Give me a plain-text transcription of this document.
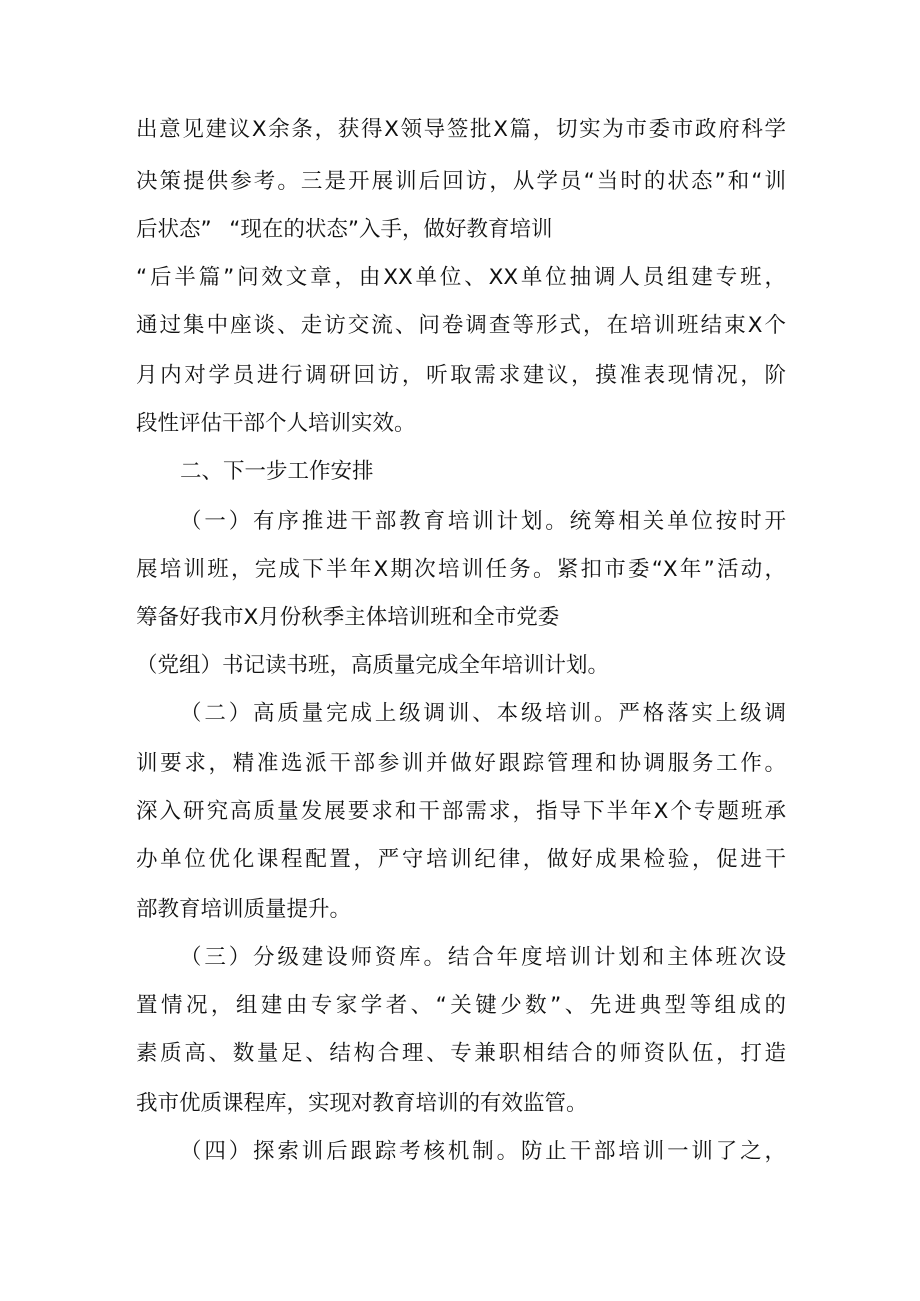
出意见建议X余条，获得X领导签批X篇，切实为市委市政府科学
决策提供参考。三是开展训后回访，从学员“当时的状态”和“训
后状态” “现在的状态”入手，做好教育培训
“后半篇”问效文章，由XX单位、XX单位抽调人员组建专班，
通过集中座谈、走访交流、问卷调查等形式，在培训班结束X个
月内对学员进行调研回访，听取需求建议，摸准表现情况，阶
段性评估干部个人培训实效。
二、下一步工作安排
（一）有序推进干部教育培训计划。统筹相关单位按时开
展培训班，完成下半年X期次培训任务。紧扣市委“X年”活动，
筹备好我市X月份秋季主体培训班和全市党委
（党组）书记读书班，高质量完成全年培训计划。
（二）高质量完成上级调训、本级培训。严格落实上级调
训要求，精准选派干部参训并做好跟踪管理和协调服务工作。
深入研究高质量发展要求和干部需求，指导下半年X个专题班承
办单位优化课程配置，严守培训纪律，做好成果检验，促进干
部教育培训质量提升。
（三）分级建设师资库。结合年度培训计划和主体班次设
置情况，组建由专家学者、“关键少数”、先进典型等组成的
素质高、数量足、结构合理、专兼职相结合的师资队伍，打造
我市优质课程库，实现对教育培训的有效监管。
（四）探索训后跟踪考核机制。防止干部培训一训了之，
